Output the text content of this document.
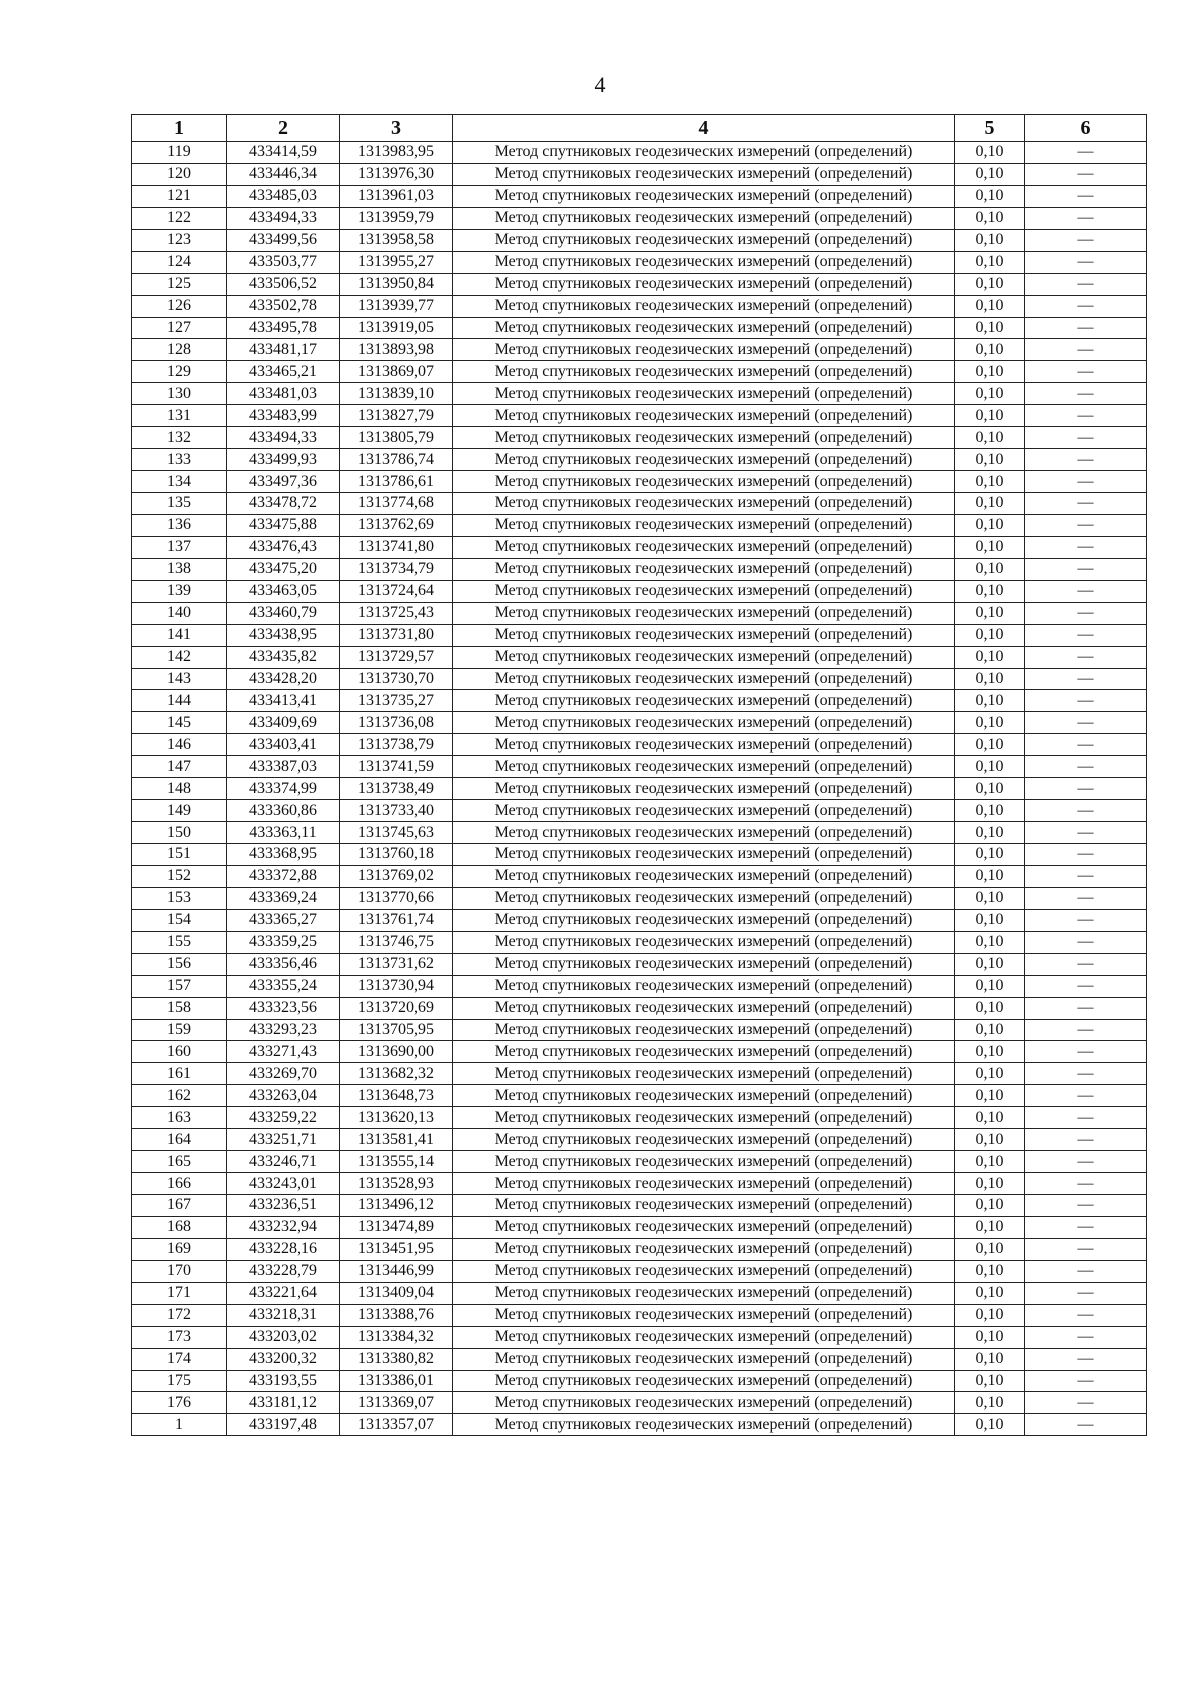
4
1	2	3	4	5	6
119	433414,59	1313983,95	Метод спутниковых геодезических измерений (определений)	0,10	—
120	433446,34	1313976,30	Метод спутниковых геодезических измерений (определений)	0,10	—
121	433485,03	1313961,03	Метод спутниковых геодезических измерений (определений)	0,10	—
122	433494,33	1313959,79	Метод спутниковых геодезических измерений (определений)	0,10	—
123	433499,56	1313958,58	Метод спутниковых геодезических измерений (определений)	0,10	—
124	433503,77	1313955,27	Метод спутниковых геодезических измерений (определений)	0,10	—
125	433506,52	1313950,84	Метод спутниковых геодезических измерений (определений)	0,10	—
126	433502,78	1313939,77	Метод спутниковых геодезических измерений (определений)	0,10	—
127	433495,78	1313919,05	Метод спутниковых геодезических измерений (определений)	0,10	—
128	433481,17	1313893,98	Метод спутниковых геодезических измерений (определений)	0,10	—
129	433465,21	1313869,07	Метод спутниковых геодезических измерений (определений)	0,10	—
130	433481,03	1313839,10	Метод спутниковых геодезических измерений (определений)	0,10	—
131	433483,99	1313827,79	Метод спутниковых геодезических измерений (определений)	0,10	—
132	433494,33	1313805,79	Метод спутниковых геодезических измерений (определений)	0,10	—
133	433499,93	1313786,74	Метод спутниковых геодезических измерений (определений)	0,10	—
134	433497,36	1313786,61	Метод спутниковых геодезических измерений (определений)	0,10	—
135	433478,72	1313774,68	Метод спутниковых геодезических измерений (определений)	0,10	—
136	433475,88	1313762,69	Метод спутниковых геодезических измерений (определений)	0,10	—
137	433476,43	1313741,80	Метод спутниковых геодезических измерений (определений)	0,10	—
138	433475,20	1313734,79	Метод спутниковых геодезических измерений (определений)	0,10	—
139	433463,05	1313724,64	Метод спутниковых геодезических измерений (определений)	0,10	—
140	433460,79	1313725,43	Метод спутниковых геодезических измерений (определений)	0,10	—
141	433438,95	1313731,80	Метод спутниковых геодезических измерений (определений)	0,10	—
142	433435,82	1313729,57	Метод спутниковых геодезических измерений (определений)	0,10	—
143	433428,20	1313730,70	Метод спутниковых геодезических измерений (определений)	0,10	—
144	433413,41	1313735,27	Метод спутниковых геодезических измерений (определений)	0,10	—
145	433409,69	1313736,08	Метод спутниковых геодезических измерений (определений)	0,10	—
146	433403,41	1313738,79	Метод спутниковых геодезических измерений (определений)	0,10	—
147	433387,03	1313741,59	Метод спутниковых геодезических измерений (определений)	0,10	—
148	433374,99	1313738,49	Метод спутниковых геодезических измерений (определений)	0,10	—
149	433360,86	1313733,40	Метод спутниковых геодезических измерений (определений)	0,10	—
150	433363,11	1313745,63	Метод спутниковых геодезических измерений (определений)	0,10	—
151	433368,95	1313760,18	Метод спутниковых геодезических измерений (определений)	0,10	—
152	433372,88	1313769,02	Метод спутниковых геодезических измерений (определений)	0,10	—
153	433369,24	1313770,66	Метод спутниковых геодезических измерений (определений)	0,10	—
154	433365,27	1313761,74	Метод спутниковых геодезических измерений (определений)	0,10	—
155	433359,25	1313746,75	Метод спутниковых геодезических измерений (определений)	0,10	—
156	433356,46	1313731,62	Метод спутниковых геодезических измерений (определений)	0,10	—
157	433355,24	1313730,94	Метод спутниковых геодезических измерений (определений)	0,10	—
158	433323,56	1313720,69	Метод спутниковых геодезических измерений (определений)	0,10	—
159	433293,23	1313705,95	Метод спутниковых геодезических измерений (определений)	0,10	—
160	433271,43	1313690,00	Метод спутниковых геодезических измерений (определений)	0,10	—
161	433269,70	1313682,32	Метод спутниковых геодезических измерений (определений)	0,10	—
162	433263,04	1313648,73	Метод спутниковых геодезических измерений (определений)	0,10	—
163	433259,22	1313620,13	Метод спутниковых геодезических измерений (определений)	0,10	—
164	433251,71	1313581,41	Метод спутниковых геодезических измерений (определений)	0,10	—
165	433246,71	1313555,14	Метод спутниковых геодезических измерений (определений)	0,10	—
166	433243,01	1313528,93	Метод спутниковых геодезических измерений (определений)	0,10	—
167	433236,51	1313496,12	Метод спутниковых геодезических измерений (определений)	0,10	—
168	433232,94	1313474,89	Метод спутниковых геодезических измерений (определений)	0,10	—
169	433228,16	1313451,95	Метод спутниковых геодезических измерений (определений)	0,10	—
170	433228,79	1313446,99	Метод спутниковых геодезических измерений (определений)	0,10	—
171	433221,64	1313409,04	Метод спутниковых геодезических измерений (определений)	0,10	—
172	433218,31	1313388,76	Метод спутниковых геодезических измерений (определений)	0,10	—
173	433203,02	1313384,32	Метод спутниковых геодезических измерений (определений)	0,10	—
174	433200,32	1313380,82	Метод спутниковых геодезических измерений (определений)	0,10	—
175	433193,55	1313386,01	Метод спутниковых геодезических измерений (определений)	0,10	—
176	433181,12	1313369,07	Метод спутниковых геодезических измерений (определений)	0,10	—
1	433197,48	1313357,07	Метод спутниковых геодезических измерений (определений)	0,10	—
